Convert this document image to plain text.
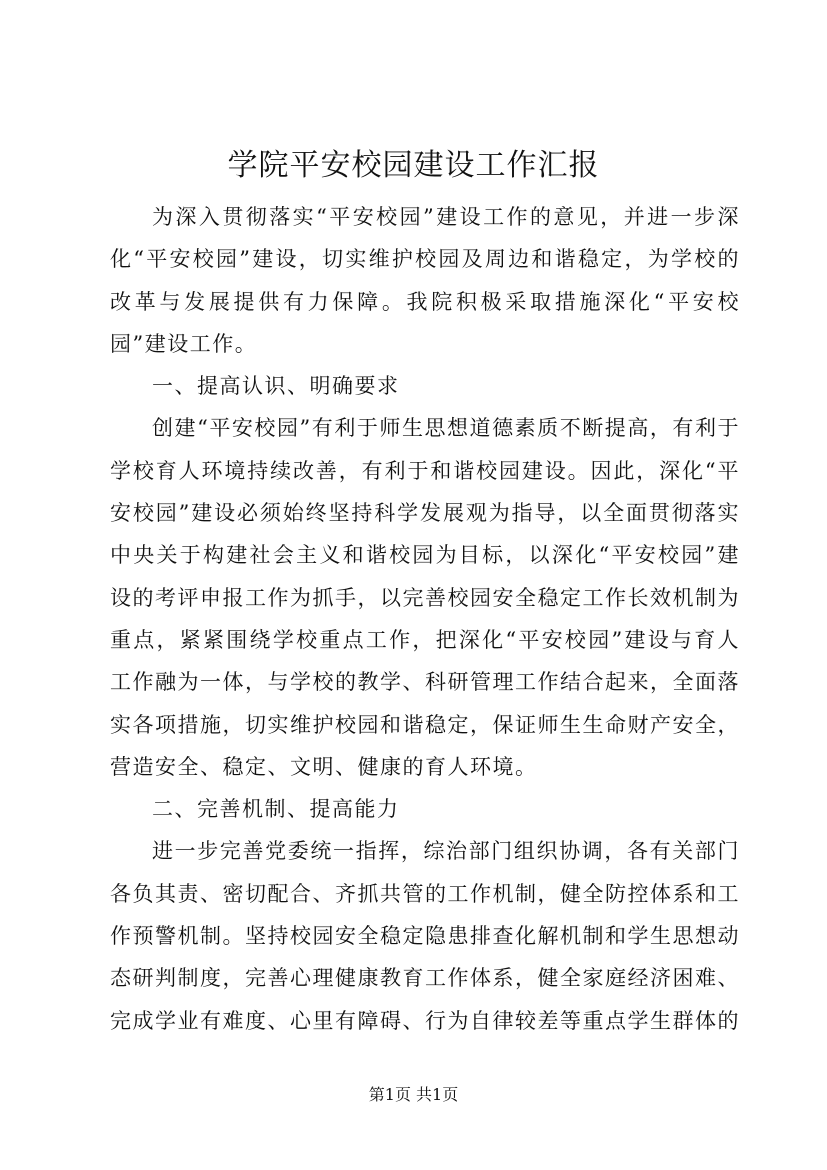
学院平安校园建设工作汇报

为深入贯彻落实“平安校园”建设工作的意见，并进一步深化“平安校园”建设，切实维护校园及周边和谐稳定，为学校的改革与发展提供有力保障。我院积极采取措施深化“平安校园”建设工作。

一、提高认识、明确要求

创建“平安校园”有利于师生思想道德素质不断提高，有利于学校育人环境持续改善，有利于和谐校园建设。因此，深化“平安校园”建设必须始终坚持科学发展观为指导，以全面贯彻落实中央关于构建社会主义和谐校园为目标，以深化“平安校园”建设的考评申报工作为抓手，以完善校园安全稳定工作长效机制为重点，紧紧围绕学校重点工作，把深化“平安校园”建设与育人工作融为一体，与学校的教学、科研管理工作结合起来，全面落实各项措施，切实维护校园和谐稳定，保证师生生命财产安全，营造安全、稳定、文明、健康的育人环境。

二、完善机制、提高能力

进一步完善党委统一指挥，综治部门组织协调，各有关部门各负其责、密切配合、齐抓共管的工作机制，健全防控体系和工作预警机制。坚持校园安全稳定隐患排查化解机制和学生思想动态研判制度，完善心理健康教育工作体系，健全家庭经济困难、完成学业有难度、心里有障碍、行为自律较差等重点学生群体的

第1页 共1页
